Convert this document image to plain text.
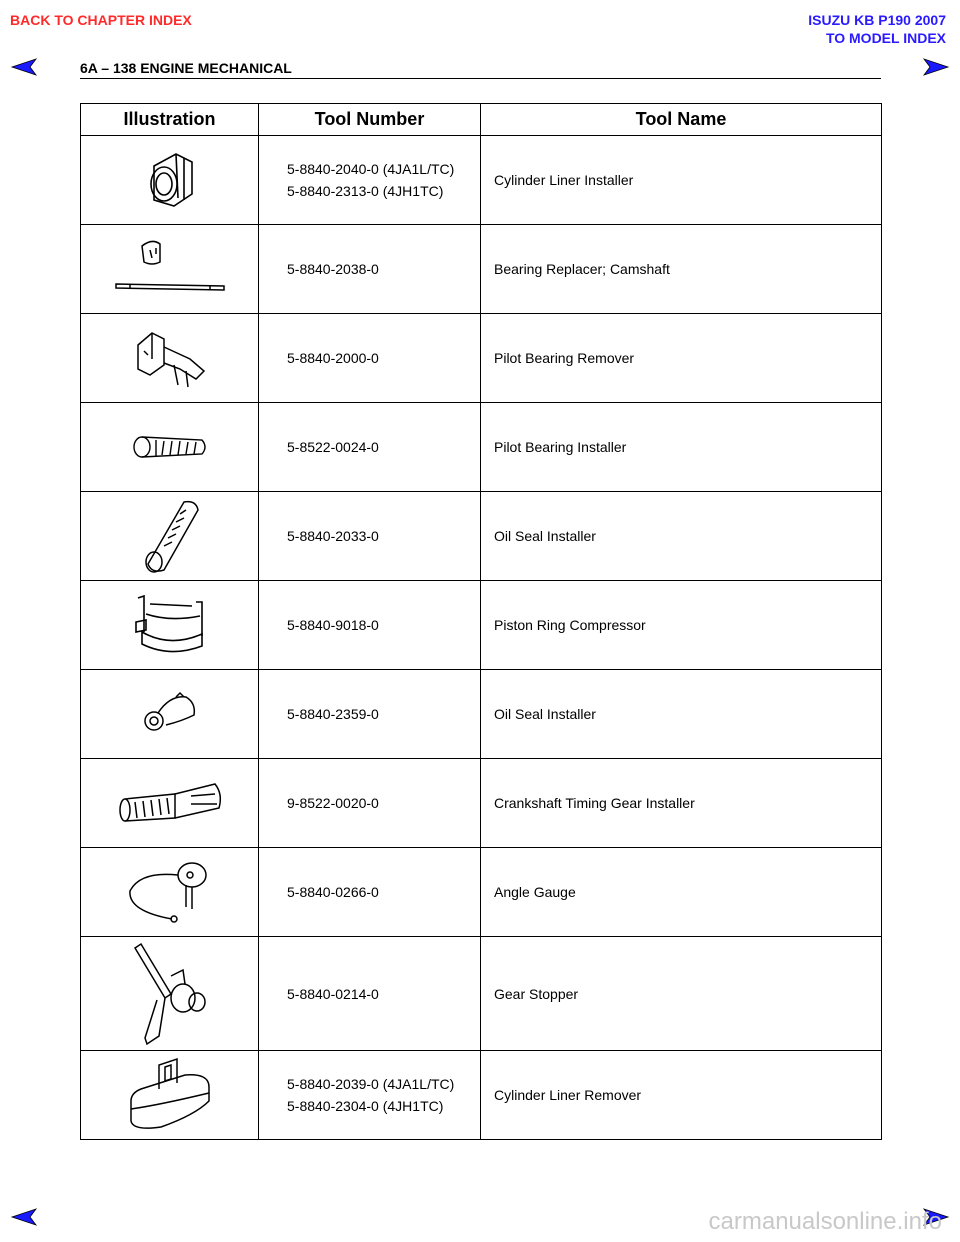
BACK TO CHAPTER INDEX	ISUZU KB P190 2007
TO MODEL INDEX
6A – 138 ENGINE MECHANICAL
Illustration	Tool Number	Tool Name

5-8840-2040-0 (4JA1L/TC)
5-8840-2313-0 (4JH1TC)	Cylinder Liner Installer

5-8840-2038-0	Bearing Replacer; Camshaft

5-8840-2000-0	Pilot Bearing Remover

5-8522-0024-0	Pilot Bearing Installer

5-8840-2033-0	Oil Seal Installer

5-8840-9018-0	Piston Ring Compressor

5-8840-2359-0	Oil Seal Installer

9-8522-0020-0	Crankshaft Timing Gear Installer

5-8840-0266-0	Angle Gauge

5-8840-0214-0	Gear Stopper

5-8840-2039-0 (4JA1L/TC)
5-8840-2304-0 (4JH1TC)	Cylinder Liner Remover
carmanualsonline.info
